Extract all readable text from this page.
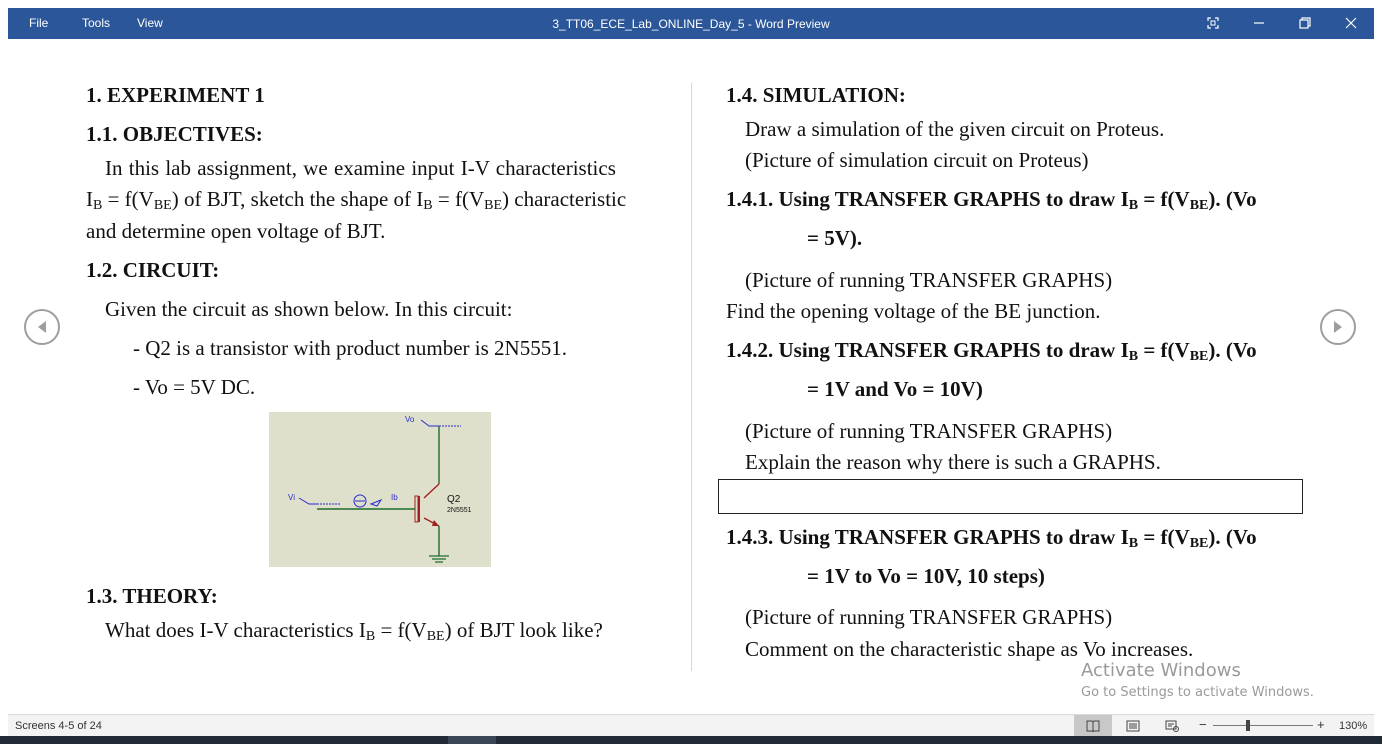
File	Tools View	3_TT06_ECE_Lab_ONLINE_Day_5 - Word Preview
1. EXPERIMENT 1
1.1. OBJECTIVES:
In this lab assignment, we examine input I-V characteristics
$I_B = f(V_{BE})$ of BJT, sketch the shape of $I_B = f(V_{BE})$ characteristic
and determine open voltage of BJT.
1.2. CIRCUIT:
Given the circuit as shown below. In this circuit:
- Q2 is a transistor with product number is 2N5551.
- Vo = 5V DC.
Vo
Vi	Ib	Q2
2N5551
1.3. THEORY:
What does I-V characteristics $I_B = f(V_{BE})$ of BJT look like?
1.4. SIMULATION:
Draw a simulation of the given circuit on Proteus.
(Picture of simulation circuit on Proteus)
1.4.1. Using TRANSFER GRAPHS to draw $I_B = f(V_{BE})$. (Vo
= 5V).
(Picture of running TRANSFER GRAPHS)
Find the opening voltage of the BE junction.
1.4.2. Using TRANSFER GRAPHS to draw $I_B = f(V_{BE})$. (Vo
= 1V and Vo = 10V)
(Picture of running TRANSFER GRAPHS)
Explain the reason why there is such a GRAPHS.
1.4.3. Using TRANSFER GRAPHS to draw $I_B = f(V_{BE})$. (Vo
= 1V to Vo = 10V, 10 steps)
(Picture of running TRANSFER GRAPHS)
Comment on the characteristic shape as Vo increases.
Activate Windows
Go to Settings to activate Windows.
Screens 4-5 of 24	−	+ 130%
